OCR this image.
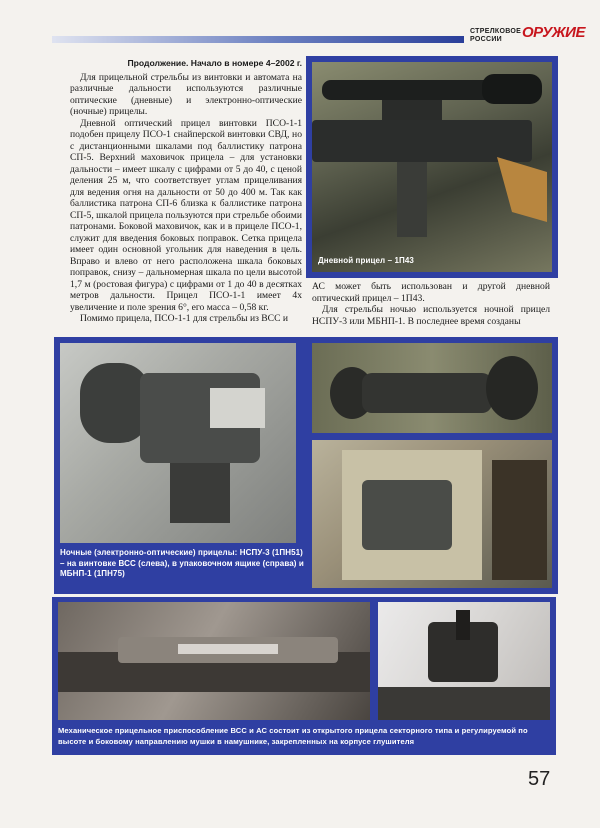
СТРЕЛКОВОЕ
РОССИИ	ОРУЖИЕ

Продолжение. Начало в номере 4–2002 г.

Для прицельной стрельбы из винтовки и автомата на различные дальности используются различные оптические (дневные) и электронно-оптические (ночные) прицелы.

Дневной оптический прицел винтовки ПСО-1-1 подобен прицелу ПСО-1 снайперской винтовки СВД, но с дистанционными шкалами под баллистику патрона СП-5. Верхний маховичок прицела – для установки дальности – имеет шкалу с цифрами от 5 до 40, с ценой деления 25 м, что соответствует углам прицеливания для ведения огня на дальности от 50 до 400 м. Так как баллистика патрона СП-6 близка к баллистике патрона СП-5, шкалой прицела пользуются при стрельбе обоими патронами. Боковой маховичок, как и в прицеле ПСО-1, служит для введения боковых поправок. Сетка прицела имеет один основной угольник для наведения в цель. Вправо и влево от него расположена шкала боковых поправок, снизу – дальномерная шкала по цели высотой 1,7 м (ростовая фигура) с цифрами от 1 до 40 в десятках метров дальности. Прицел ПСО-1-1 имеет 4х увеличение и поле зрения 6°, его масса – 0,58 кг.

Помимо прицела, ПСО-1-1 для стрельбы из ВСС и

Дневной прицел – 1П43

АС может быть использован и другой дневной оптический прицел – 1П43.

Для стрельбы ночью используется ночной прицел НСПУ-3 или МБНП-1. В последнее время созданы

Ночные (электронно-оптические) прицелы: НСПУ-3 (1ПН51) – на винтовке ВСС (слева), в упаковочном ящике (справа) и МБНП-1 (1ПН75)
Механическое прицельное приспособление ВСС и АС состоит из открытого прицела секторного типа и регулируемой по высоте и боковому направлению мушки в намушнике, закрепленных на корпусе глушителя
57
